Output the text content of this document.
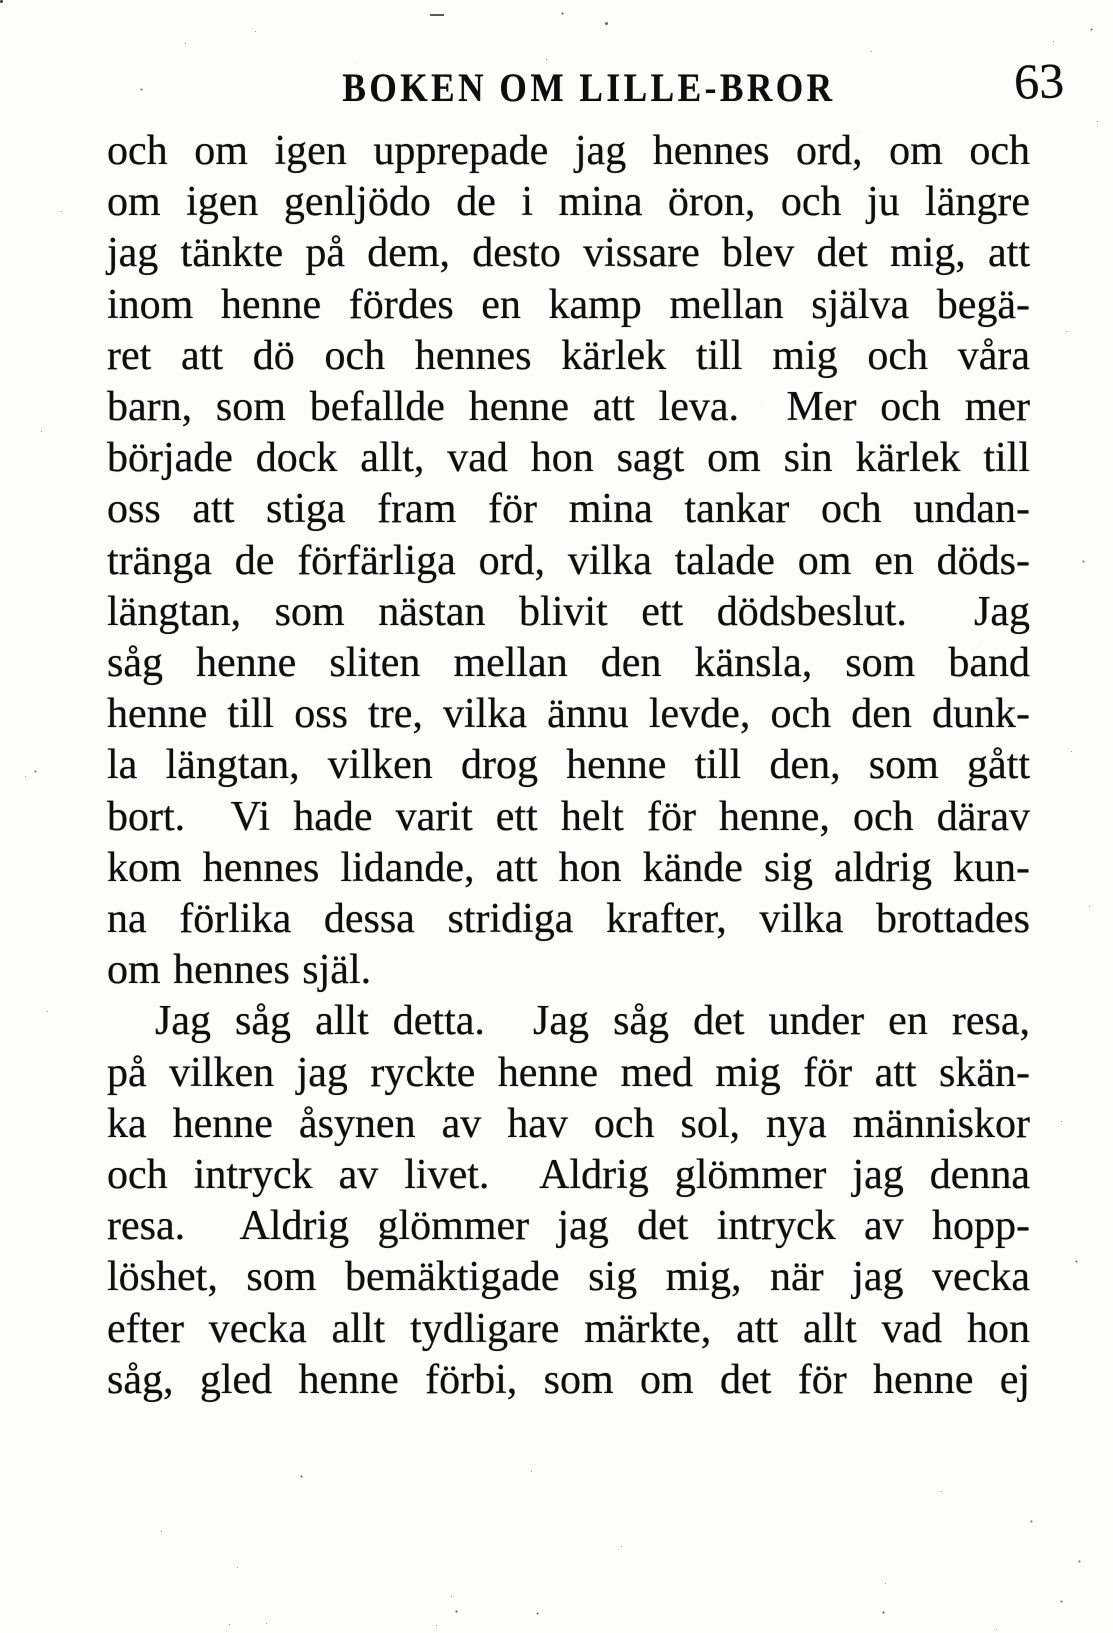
BOKEN OM LILLE-BROR	63
och om igen upprepade jag hennes ord, om och
om igen genljödo de i mina öron, och ju längre
jag tänkte på dem, desto vissare blev det mig, att
inom henne fördes en kamp mellan själva begä-
ret att dö och hennes kärlek till mig och våra
barn, som befallde henne att leva.  Mer och mer
började dock allt, vad hon sagt om sin kärlek till
oss att stiga fram för mina tankar och undan-
tränga de förfärliga ord, vilka talade om en döds-
längtan, som nästan blivit ett dödsbeslut.  Jag
såg henne sliten mellan den känsla, som band
henne till oss tre, vilka ännu levde, och den dunk-
la längtan, vilken drog henne till den, som gått
bort.  Vi hade varit ett helt för henne, och därav
kom hennes lidande, att hon kände sig aldrig kun-
na förlika dessa stridiga krafter, vilka brottades
om hennes själ.
Jag såg allt detta.  Jag såg det under en resa,
på vilken jag ryckte henne med mig för att skän-
ka henne åsynen av hav och sol, nya människor
och intryck av livet.  Aldrig glömmer jag denna
resa.  Aldrig glömmer jag det intryck av hopp-
löshet, som bemäktigade sig mig, när jag vecka
efter vecka allt tydligare märkte, att allt vad hon
såg, gled henne förbi, som om det för henne ej
